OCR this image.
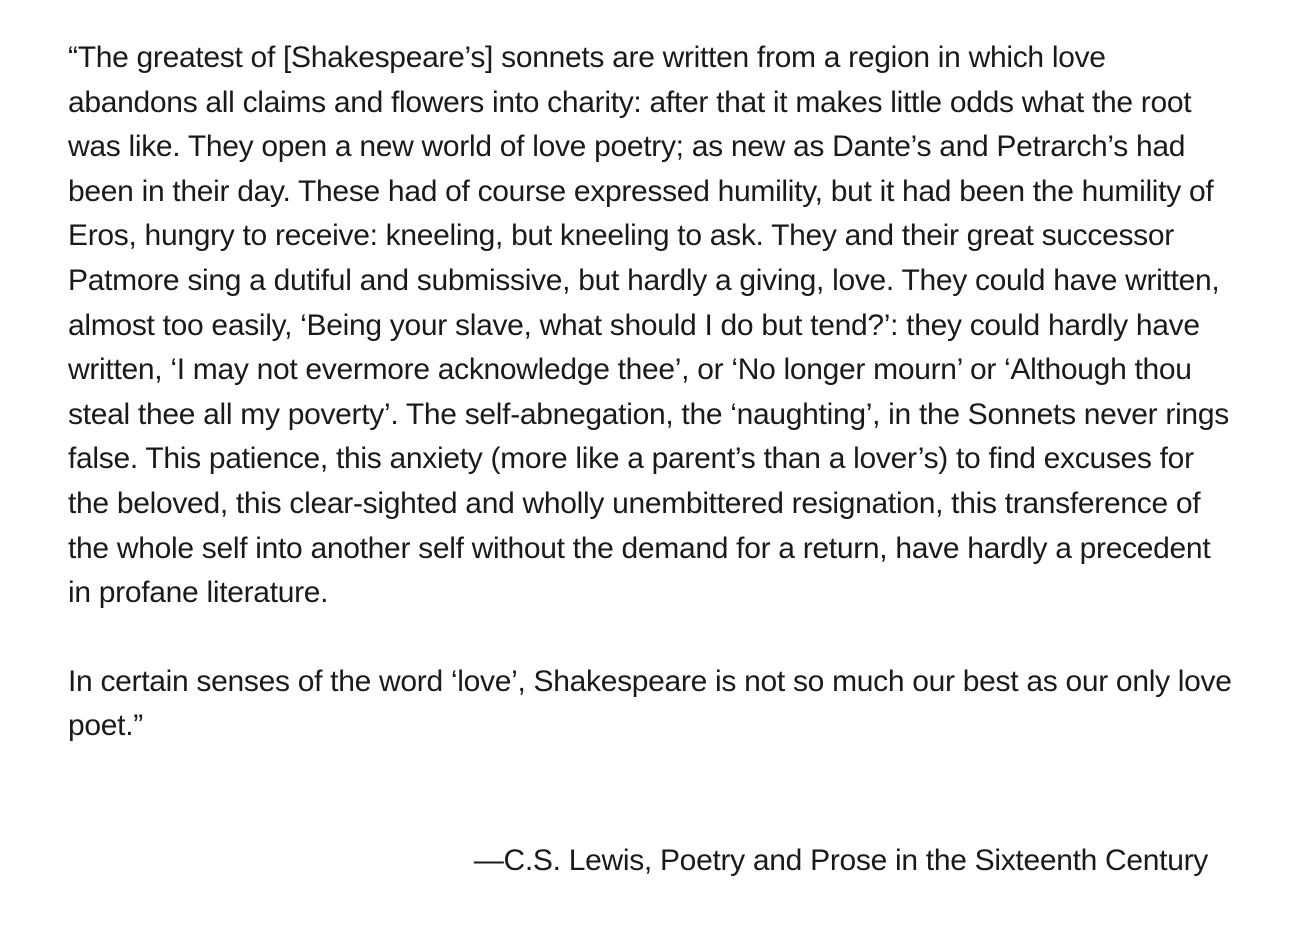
“The greatest of [Shakespeare’s] sonnets are written from a region in which love abandons all claims and flowers into charity: after that it makes little odds what the root was like. They open a new world of love poetry; as new as Dante’s and Petrarch’s had been in their day. These had of course expressed humility, but it had been the humility of Eros, hungry to receive: kneeling, but kneeling to ask. They and their great successor Patmore sing a dutiful and submissive, but hardly a giving, love. They could have written, almost too easily, ‘Being your slave, what should I do but tend?’: they could hardly have written, ‘I may not evermore acknowledge thee’, or ‘No longer mourn’ or ‘Although thou steal thee all my poverty’. The self-abnegation, the ‘naughting’, in the Sonnets never rings false. This patience, this anxiety (more like a parent’s than a lover’s) to find excuses for the beloved, this clear-sighted and wholly unembittered resignation, this transference of the whole self into another self without the demand for a return, have hardly a precedent in profane literature.

In certain senses of the word ‘love’, Shakespeare is not so much our best as our only love poet.”

—C.S. Lewis, Poetry and Prose in the Sixteenth Century
